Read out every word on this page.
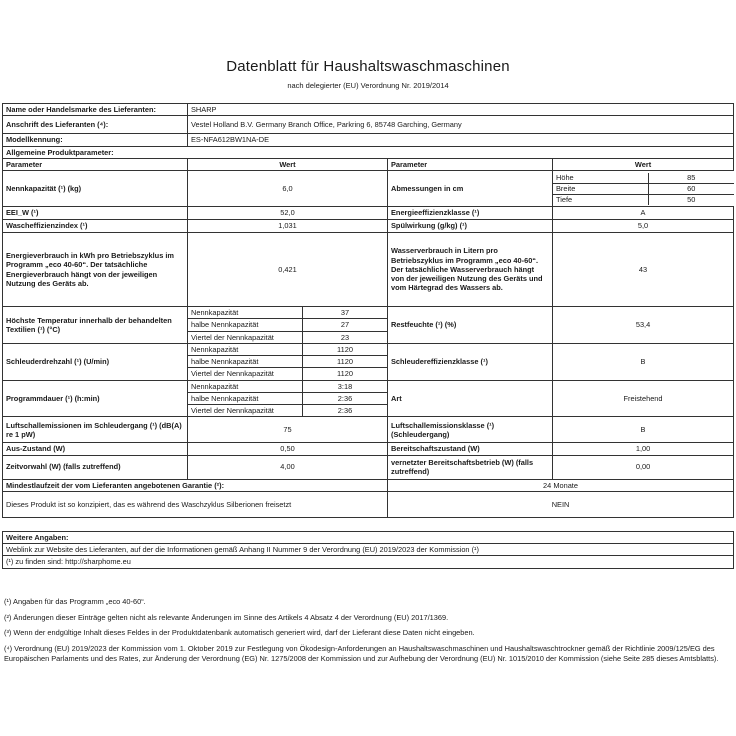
Datenblatt für Haushaltswaschmaschinen
nach delegierter (EU) Verordnung Nr. 2019/2014
Name oder Handelsmarke des Lieferanten:	SHARP
Anschrift des Lieferanten (⁴):	Vestel Holland B.V. Germany Branch Office, Parkring 6, 85748 Garching, Germany
Modellkennung:	ES-NFA612BW1NA-DE
Allgemeine Produktparameter:
Parameter	Wert	Parameter	Wert
Nennkapazität (¹) (kg)	6,0	Abmessungen in cm	
Höhe	85
Breite	60
Tiefe	50

EEI_W (¹)	52,0	Energieeffizienzklasse (¹)	A
Wascheffizienzindex (¹)	1,031	Spülwirkung (g/kg) (¹)	5,0
Energieverbrauch in kWh pro Betriebszyklus im Programm „eco 40-60“. Der tatsächliche Energieverbrauch hängt von der jeweiligen Nutzung des Geräts ab.	0,421	Wasserverbrauch in Litern pro Betriebszyklus im Programm „eco 40-60“. Der tatsächliche Wasserverbrauch hängt von der jeweiligen Nutzung des Geräts und vom Härtegrad des Wassers ab.	43
Höchste Temperatur innerhalb der behandelten Textilien (¹) (°C)	Nennkapazität	37	Restfeuchte (¹) (%)	53,4
halbe Nennkapazität	27
Viertel der Nennkapazität	23
Schleuderdrehzahl (¹) (U/min)	Nennkapazität	1120	Schleudereffizienzklasse (¹)	B
halbe Nennkapazität	1120
Viertel der Nennkapazität	1120
Programmdauer (¹) (h:min)	Nennkapazität	3:18	Art	Freistehend
halbe Nennkapazität	2:36
Viertel der Nennkapazität	2:36
Luftschallemissionen im Schleudergang (¹) (dB(A) re 1 pW)	75	Luftschallemissionsklasse (¹) (Schleudergang)	B
Aus-Zustand (W)	0,50	Bereitschaftszustand (W)	1,00
Zeitvorwahl (W) (falls zutreffend)	4,00	vernetzter Bereitschaftsbetrieb (W) (falls zutreffend)	0,00
Mindestlaufzeit der vom Lieferanten angebotenen Garantie (²):	24 Monate
Dieses Produkt ist so konzipiert, das es während des Waschzyklus Silberionen freisetzt	NEIN

Weitere Angaben:
Weblink zur Website des Lieferanten, auf der die Informationen gemäß Anhang II Nummer 9 der Verordnung (EU) 2019/2023 der Kommission (¹)
(¹) zu finden sind: http://sharphome.eu

(¹) Angaben für das Programm „eco 40-60“.

(²) Änderungen dieser Einträge gelten nicht als relevante Änderungen im Sinne des Artikels 4 Absatz 4 der Verordnung (EU) 2017/1369.

(³) Wenn der endgültige Inhalt dieses Feldes in der Produktdatenbank automatisch generiert wird, darf der Lieferant diese Daten nicht eingeben.

(⁴) Verordnung (EU) 2019/2023 der Kommission vom 1. Oktober 2019 zur Festlegung von Ökodesign-Anforderungen an Haushaltswaschmaschinen und Haushaltswaschtrockner gemäß der Richtlinie 2009/125/EG des Europäischen Parlaments und des Rates, zur Änderung der Verordnung (EG) Nr. 1275/2008 der Kommission und zur Aufhebung der Verordnung (EU) Nr. 1015/2010 der Kommission (siehe Seite 285 dieses Amtsblatts).
